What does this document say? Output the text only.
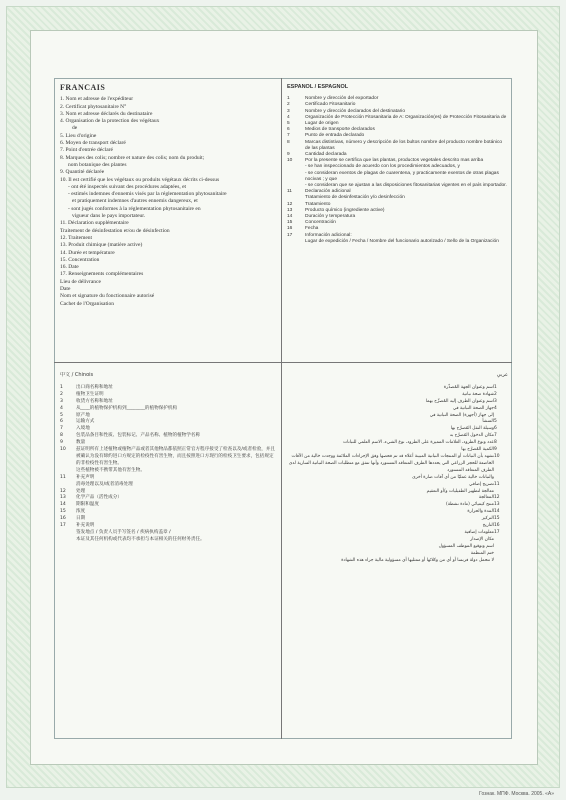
FRANCAIS
1. Nom et adresse de l'expéditeur
2. Certificat phytosanitaire N°
3. Nom et adresse déclarés du destinataire
4. Organisation de la protection des végétaux
de
5. Lieu d'origine
6. Moyen de transport déclaré
7. Point d'entrée déclaré
8. Marques des colis; nombre et nature des colis; nom du produit;
nom botanique des plantes
9. Quantité déclarée
10. Il est certifié que les végétaux ou produits végétaux décrits ci-dessus
- ont été inspectés suivant des procédures adaptées, et
- estimés indemnes d'ennemis visés par la réglementation phytosanitaire
et pratiquement indemnes d'autres ennemis dangereux, et
- sont jugés conformes à la réglementation phytosanitaire en
vigueur dans le pays importateur.
11. Déclaration supplémentaire
Traitement de désinfestation et/ou de désinfection
12. Traitement
13. Produit chimique (matière active)
14. Durée et température
15. Concentration
16. Date
17. Renseignements complémentaires
Lieu de délivrance
Date
Nom et signature du fonctionnaire autorisé
Cachet de l'Organisation
ESPAÑOL / ESPAGNOL
1	Nombre y dirección del exportador
2	Certificado Fitosanitario
3	Nombre y dirección declarados del destinatario
4	Organización de Protección Fitosanitaria de A: Organización(es) de Protección Fitosanitaria de
5	Lugar de origen
6	Medios de transporte declarados
7	Punto de entrada declarado
8	Marcas distintivas, número y descripción de los bultos nombre del producto nombre botánico de las plantas
9	Cantidad declarada
10	Por la presente se certifica que las plantas, productos vegetales descrito mas arriba
- se han inspeccionado de acuerdo con los procedimientos adecuados, y
- se consideran exentos de plagas de cuarentena, y practicamente exentos de otras plagas nocivas ; y que
- se consideran que se ajustan a las disposiciones fitosanitarias vigentes en el país importador.
11	Declaración adicional
Tratamiento de desinfestación y/o desinfección
12	Tratamiento
13	Producto químico (ingrediente active)
14	Duración y temperatura
15	Concentración
16	Fecha
17	Información adicional:
Lugar de expedición / Fecha / Nombre del funcionario autorizado / Sello de la Organización
中文 / Chinois
1	出口商名称和地址
2	植物卫生证明
3	收货方名称和地址
4	从____的植物保护机构到________的植物保护机构
5	原产地
6	运输方式
7	入境地
8	包装品条目和性质、包装标记、产品名称、植物的植物学名称
9	数量
10	兹证明所有上述植物或植物产品或者其他物品都依照正常官方程序接受了检查以及/或者检验，并且被确认为没有缔约进口方规定的检疫性有害生物，而且按照进口方现行的检疫卫生要求，包括规定的非检疫性有害生物。
这些植物被不携带其他有害生物。
11	补充声明
消毒处理以及/或者消毒处理
12	处理
13	化学产品（活性成分）
14	期限和温度
15	浓度
16	日期
17	补充说明
签发地点 / 负责人员手写签名 / 疾病执构盖章 /
本证及其任何机构或代表均不承担与本证相关的任何财务责任。
عربي
1
اسم وعنوان الجهة المُصدِّرة
2
شهادة صحة نباتية
3
اسم وعنوان الطرف إليه المُصرِّح بهما
4
جهاز الصحة النباتية في
إلى جهاز (أجهزة) الصحة النباتية في
5
المنشأ
6
وسيلة النقل المُصرَّح بها
7
مكان الدخول المُصرَّح به
8
عدد ونوع الطرود، العلامات المميزة على الطرود، نوع الشيء، الاسم العلمي للنباتات
9
الكمية المُصرَّح بها
10
نشهد بأن النباتات أو المنتجات النباتية المبينة أعلاه قد تم فحصها وفق الإجراءات الملائمة ووجدت خالية من الآفات الخاضعة للحجر الزراعي التي يحددها الطرف المتعاقد المستورد وأنها تتفق مع متطلبات الصحة النباتية السارية لدى الطرف المتعاقد المستورد
والنباتات خالية عمليًا من أي آفات ضارة أخرى
11
تصريح إضافي
معالجة لتطهير الطفيليات و/أو التعقيم
12
المعالجة
13
منتج كيميائي (مادة نشطة)
14
المدة والحرارة
15
التركيز
16
التاريخ
17
معلومات إضافية
مكان الإصدار
اسم وتوقيع الموظف المسؤول
ختم المنظمة
لا تتحمل دولة فرنسا أو أي من وكلائها أو ممثليها أي مسؤولية مالية جراء هذه الشهادة
Гознак. МПФ. Москва. 2005. «А»
